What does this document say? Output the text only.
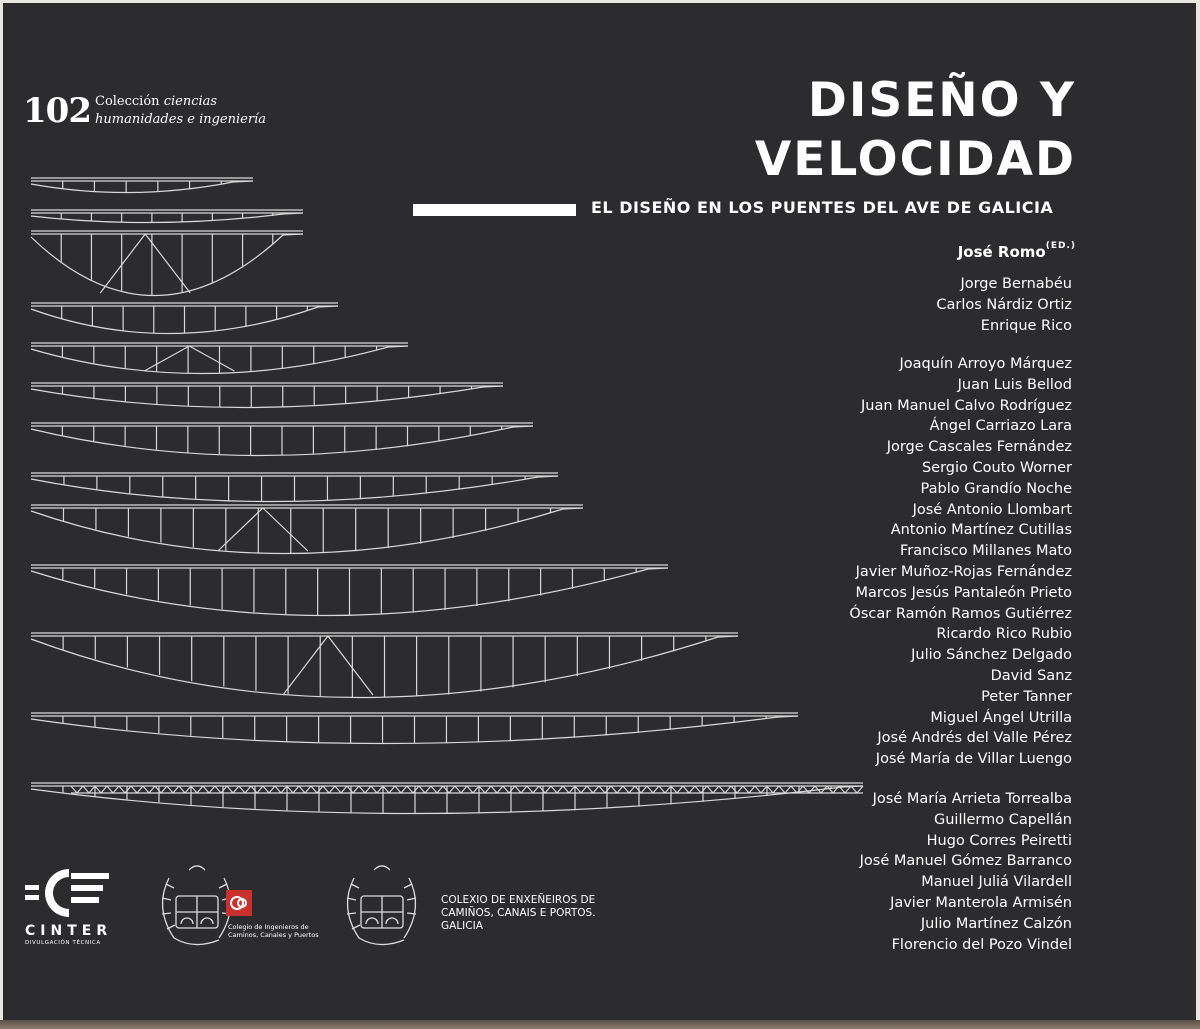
102 Colección ciencias
humanidades e ingeniería	DISEÑO Y
VELOCIDAD
EL DISEÑO EN LOS PUENTES DEL AVE DE GALICIA
José Romo$^{(ED.)}$
Jorge Bernabéu
Carlos Nárdiz Ortiz
Enrique Rico
Joaquín Arroyo Márquez
Juan Luis Bellod
Juan Manuel Calvo Rodríguez
Ángel Carriazo Lara
Jorge Cascales Fernández
Sergio Couto Worner
Pablo Grandío Noche
José Antonio Llombart
Antonio Martínez Cutillas
Francisco Millanes Mato
Javier Muñoz-Rojas Fernández
Marcos Jesús Pantaleón Prieto
Óscar Ramón Ramos Gutiérrez
Ricardo Rico Rubio
Julio Sánchez Delgado
David Sanz
Peter Tanner
Miguel Ángel Utrilla
José Andrés del Valle Pérez
José María de Villar Luengo
José María Arrieta Torrealba
Guillermo Capellán
Hugo Corres Peiretti
José Manuel Gómez Barranco
Manuel Juliá Vilardell
Javier Manterola Armisén
Julio Martínez Calzón
Florencio del Pozo Vindel
CINTER
DIVULGACIÓN TÉCNICA
Colegio de Ingenieros de
Caminos, Canales y Puertos
COLEXIO DE ENXEÑEIROS DE
CAMIÑOS, CANAIS E PORTOS.
GALICIA
